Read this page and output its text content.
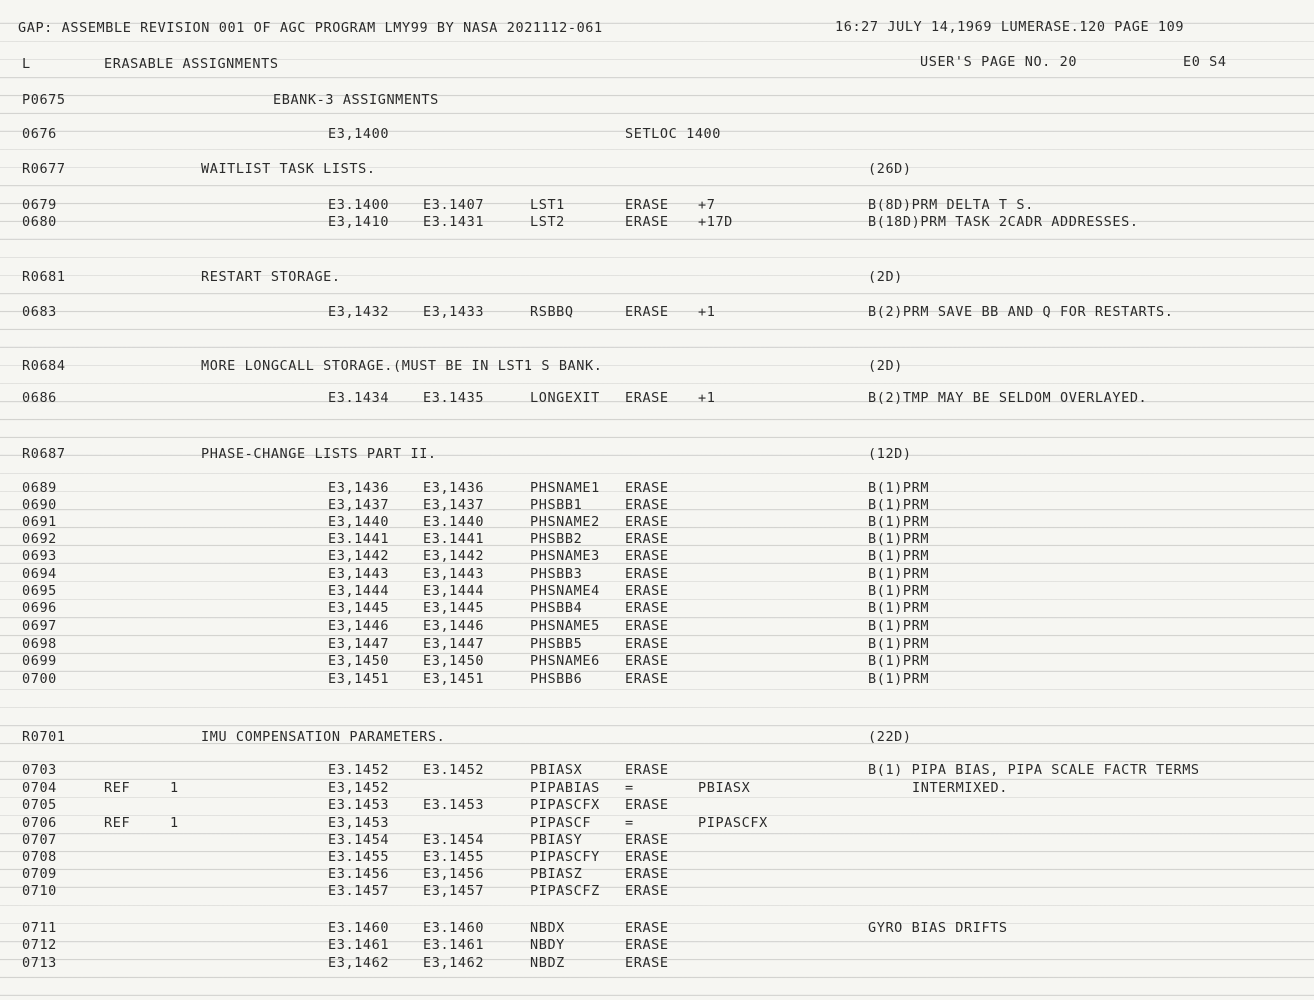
GAP: ASSEMBLE REVISION 001 OF AGC PROGRAM LMY99 BY NASA 2021112-061	16:27 JULY 14,1969 LUMERASE.120 PAGE 109
L	ERASABLE ASSIGNMENTS	USER'S PAGE NO. 20	E0 S4
P0675	EBANK-3 ASSIGNMENTS
0676	E3,1400	SETLOC 1400
R0677	WAITLIST TASK LISTS.	(26D)
0679	E3.1400	E3.1407	LST1	ERASE +7	B(8D)PRM DELTA T S.
0680	E3,1410	E3.1431	LST2	ERASE +17D	B(18D)PRM TASK 2CADR ADDRESSES.
R0681	RESTART STORAGE.	(2D)
0683	E3,1432	E3,1433	RSBBQ	ERASE +1	B(2)PRM SAVE BB AND Q FOR RESTARTS.
R0684	MORE LONGCALL STORAGE.(MUST BE IN LST1 S BANK.	(2D)
0686	E3.1434	E3.1435	LONGEXIT ERASE +1	B(2)TMP MAY BE SELDOM OVERLAYED.
R0687	PHASE-CHANGE LISTS PART II.	(12D)
0689	E3,1436	E3,1436	PHSNAME1 ERASE	B(1)PRM
0690	E3,1437	E3,1437	PHSBB1	ERASE	B(1)PRM
0691	E3,1440	E3.1440	PHSNAME2 ERASE	B(1)PRM
0692	E3.1441	E3.1441	PHSBB2	ERASE	B(1)PRM
0693	E3,1442	E3,1442	PHSNAME3 ERASE	B(1)PRM
0694	E3,1443	E3,1443	PHSBB3	ERASE	B(1)PRM
0695	E3,1444	E3,1444	PHSNAME4 ERASE	B(1)PRM
0696	E3,1445	E3,1445	PHSBB4	ERASE	B(1)PRM
0697	E3,1446	E3,1446	PHSNAME5 ERASE	B(1)PRM
0698	E3,1447	E3,1447	PHSBB5	ERASE	B(1)PRM
0699	E3,1450	E3,1450	PHSNAME6 ERASE	B(1)PRM
0700	E3,1451	E3,1451	PHSBB6	ERASE	B(1)PRM
R0701	IMU COMPENSATION PARAMETERS.	(22D)
0703	E3.1452	E3.1452	PBIASX	ERASE	B(1) PIPA BIAS, PIPA SCALE FACTR TERMS
0704	REF	1	E3,1452	PIPABIAS =	PBIASX	INTERMIXED.
0705	E3.1453	E3.1453	PIPASCFX ERASE
0706	REF	1	E3,1453	PIPASCF	=	PIPASCFX
0707	E3.1454	E3.1454	PBIASY	ERASE
0708	E3.1455	E3.1455	PIPASCFY ERASE
0709	E3.1456	E3,1456	PBIASZ	ERASE
0710	E3.1457	E3,1457	PIPASCFZ ERASE
0711	E3.1460	E3.1460	NBDX	ERASE	GYRO BIAS DRIFTS
0712	E3.1461	E3.1461	NBDY	ERASE
0713	E3,1462	E3,1462	NBDZ	ERASE
